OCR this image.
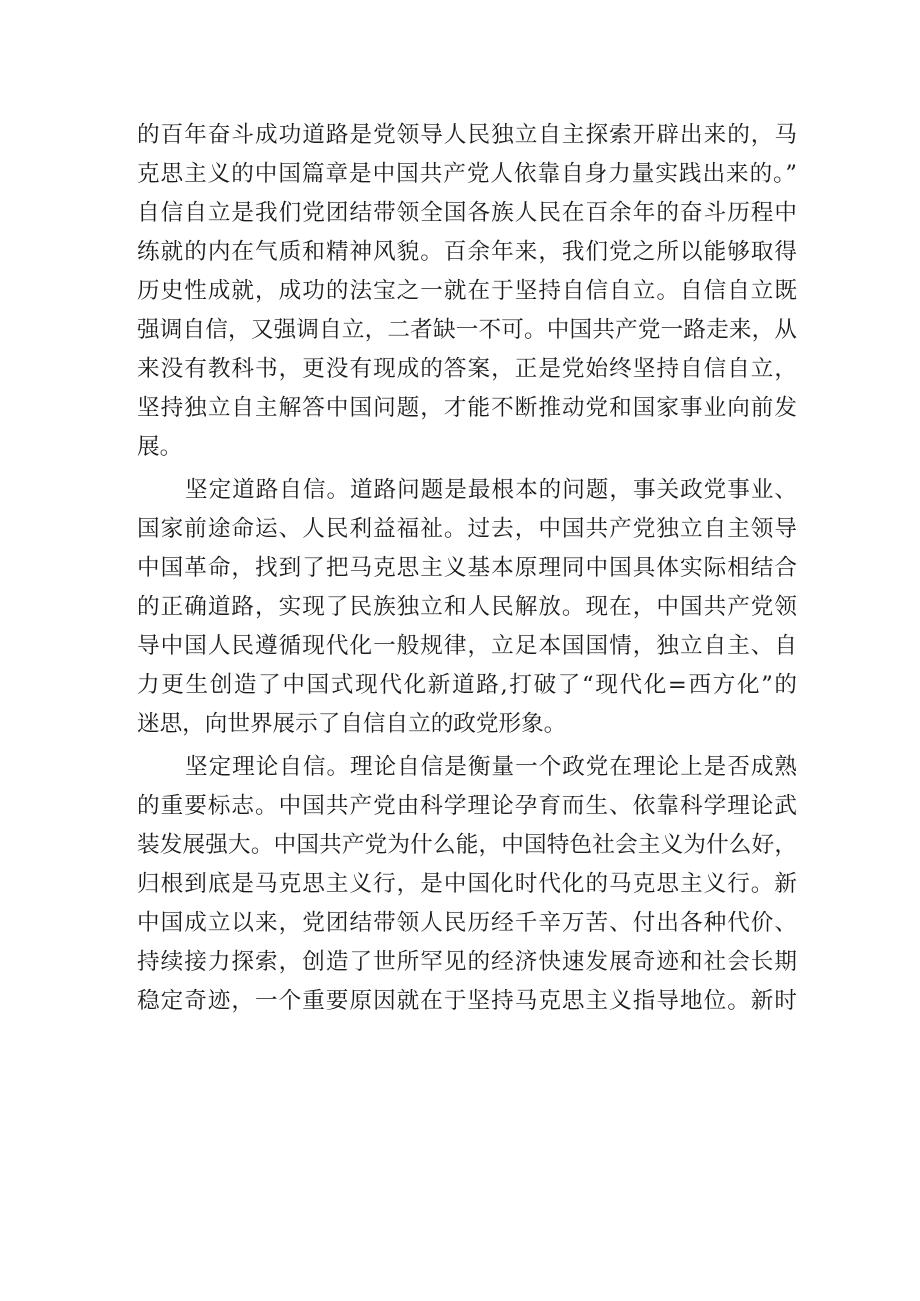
的百年奋斗成功道路是党领导人民独立自主探索开辟出来的，马
克思主义的中国篇章是中国共产党人依靠自身力量实践出来的。”
自信自立是我们党团结带领全国各族人民在百余年的奋斗历程中
练就的内在气质和精神风貌。百余年来，我们党之所以能够取得
历史性成就，成功的法宝之一就在于坚持自信自立。自信自立既
强调自信，又强调自立，二者缺一不可。中国共产党一路走来，从
来没有教科书，更没有现成的答案，正是党始终坚持自信自立，
坚持独立自主解答中国问题，才能不断推动党和国家事业向前发
展。
坚定道路自信。道路问题是最根本的问题，事关政党事业、
国家前途命运、人民利益福祉。过去，中国共产党独立自主领导
中国革命，找到了把马克思主义基本原理同中国具体实际相结合
的正确道路，实现了民族独立和人民解放。现在，中国共产党领
导中国人民遵循现代化一般规律，立足本国国情，独立自主、自
力更生创造了中国式现代化新道路,打破了“现代化=西方化”的
迷思，向世界展示了自信自立的政党形象。
坚定理论自信。理论自信是衡量一个政党在理论上是否成熟
的重要标志。中国共产党由科学理论孕育而生、依靠科学理论武
装发展强大。中国共产党为什么能，中国特色社会主义为什么好，
归根到底是马克思主义行，是中国化时代化的马克思主义行。新
中国成立以来，党团结带领人民历经千辛万苦、付出各种代价、
持续接力探索，创造了世所罕见的经济快速发展奇迹和社会长期
稳定奇迹，一个重要原因就在于坚持马克思主义指导地位。新时
